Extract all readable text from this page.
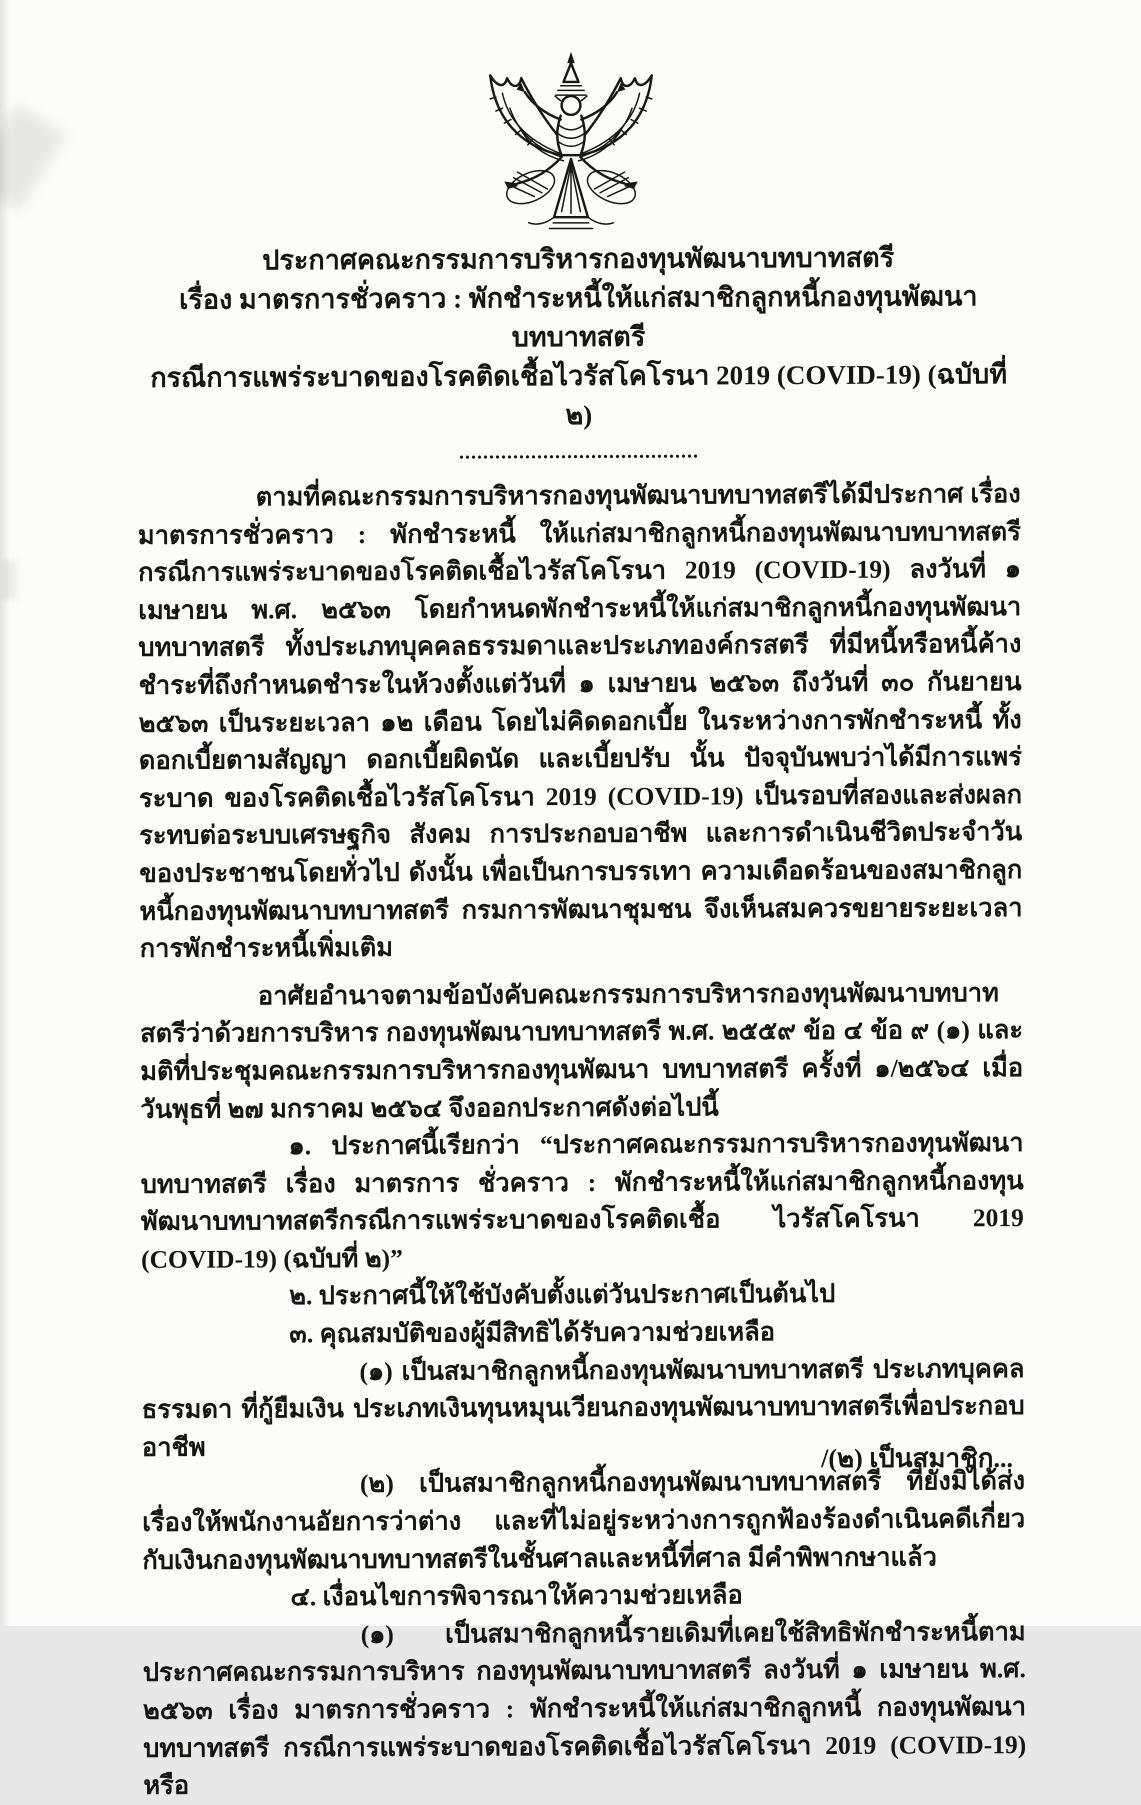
ประกาศคณะกรรมการบริหารกองทุนพัฒนาบทบาทสตรี

เรื่อง มาตรการชั่วคราว : พักชำระหนี้ให้แก่สมาชิกลูกหนี้กองทุนพัฒนาบทบาทสตรี

กรณีการแพร่ระบาดของโรคติดเชื้อไวรัสโคโรนา 2019 (COVID-19) (ฉบับที่ ๒)

........................................

ตามที่คณะกรรมการบริหารกองทุนพัฒนาบทบาทสตรีได้มีประกาศ เรื่อง มาตรการชั่วคราว : พักชำระหนี้ ให้แก่สมาชิกลูกหนี้กองทุนพัฒนาบทบาทสตรี กรณีการแพร่ระบาดของโรคติดเชื้อไวรัสโคโรนา 2019 (COVID-19) ลงวันที่ ๑ เมษายน พ.ศ. ๒๕๖๓ โดยกำหนดพักชำระหนี้ให้แก่สมาชิกลูกหนี้กองทุนพัฒนาบทบาทสตรี ทั้งประเภทบุคคลธรรมดาและประเภทองค์กรสตรี ที่มีหนี้หรือหนี้ค้างชำระที่ถึงกำหนดชำระในห้วงตั้งแต่วันที่ ๑ เมษายน ๒๕๖๓ ถึงวันที่ ๓๐ กันยายน ๒๕๖๓ เป็นระยะเวลา ๑๒ เดือน โดยไม่คิดดอกเบี้ย ในระหว่างการพักชำระหนี้ ทั้งดอกเบี้ยตามสัญญา ดอกเบี้ยผิดนัด และเบี้ยปรับ นั้น ปัจจุบันพบว่าได้มีการแพร่ระบาด ของโรคติดเชื้อไวรัสโคโรนา 2019 (COVID-19) เป็นรอบที่สองและส่งผลกระทบต่อระบบเศรษฐกิจ สังคม การประกอบอาชีพ และการดำเนินชีวิตประจำวันของประชาชนโดยทั่วไป ดังนั้น เพื่อเป็นการบรรเทา ความเดือดร้อนของสมาชิกลูกหนี้กองทุนพัฒนาบทบาทสตรี กรมการพัฒนาชุมชน จึงเห็นสมควรขยายระยะเวลา การพักชำระหนี้เพิ่มเติม

อาศัยอำนาจตามข้อบังคับคณะกรรมการบริหารกองทุนพัฒนาบทบาทสตรีว่าด้วยการบริหาร กองทุนพัฒนาบทบาทสตรี พ.ศ. ๒๕๕๙ ข้อ ๔ ข้อ ๙ (๑) และมติที่ประชุมคณะกรรมการบริหารกองทุนพัฒนา บทบาทสตรี ครั้งที่ ๑/๒๕๖๔ เมื่อวันพุธที่ ๒๗ มกราคม ๒๕๖๔ จึงออกประกาศดังต่อไปนี้

๑. ประกาศนี้เรียกว่า “ประกาศคณะกรรมการบริหารกองทุนพัฒนาบทบาทสตรี เรื่อง มาตรการ ชั่วคราว : พักชำระหนี้ให้แก่สมาชิกลูกหนี้กองทุนพัฒนาบทบาทสตรีกรณีการแพร่ระบาดของโรคติดเชื้อ ไวรัสโคโรนา 2019 (COVID-19) (ฉบับที่ ๒)”

๒. ประกาศนี้ให้ใช้บังคับตั้งแต่วันประกาศเป็นต้นไป

๓. คุณสมบัติของผู้มีสิทธิได้รับความช่วยเหลือ

(๑) เป็นสมาชิกลูกหนี้กองทุนพัฒนาบทบาทสตรี ประเภทบุคคลธรรมดา ที่กู้ยืมเงิน ประเภทเงินทุนหมุนเวียนกองทุนพัฒนาบทบาทสตรีเพื่อประกอบอาชีพ

(๒) เป็นสมาชิกลูกหนี้กองทุนพัฒนาบทบาทสตรี ที่ยังมิได้ส่งเรื่องให้พนักงานอัยการว่าต่าง และที่ไม่อยู่ระหว่างการถูกฟ้องร้องดำเนินคดีเกี่ยวกับเงินกองทุนพัฒนาบทบาทสตรีในชั้นศาลและหนี้ที่ศาล มีคำพิพากษาแล้ว

๔. เงื่อนไขการพิจารณาให้ความช่วยเหลือ

(๑) เป็นสมาชิกลูกหนี้รายเดิมที่เคยใช้สิทธิพักชำระหนี้ตามประกาศคณะกรรมการบริหาร กองทุนพัฒนาบทบาทสตรี ลงวันที่ ๑ เมษายน พ.ศ. ๒๕๖๓ เรื่อง มาตรการชั่วคราว : พักชำระหนี้ให้แก่สมาชิกลูกหนี้ กองทุนพัฒนาบทบาทสตรี กรณีการแพร่ระบาดของโรคติดเชื้อไวรัสโคโรนา 2019 (COVID-19) หรือ

/(๒) เป็นสมาชิก...
